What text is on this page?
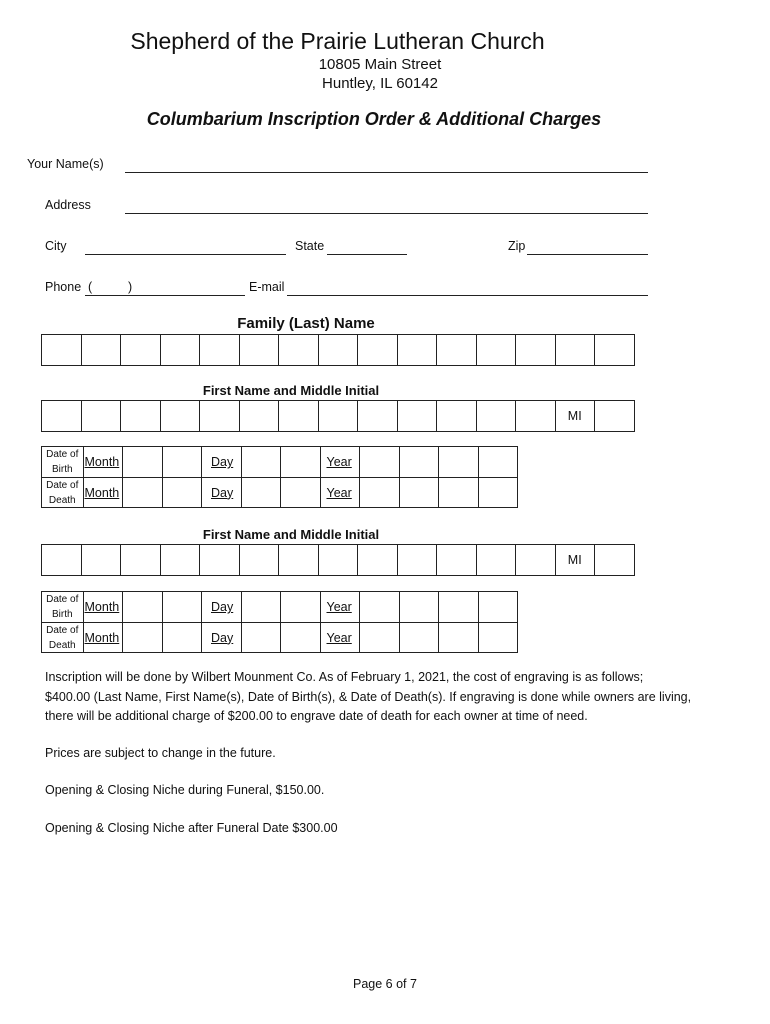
Shepherd of the Prairie Lutheran Church
10805 Main Street
Huntley, IL 60142
Columbarium Inscription Order & Additional Charges
Your Name(s)
Address
City	State	Zip
Phone (	)	E-mail
Family (Last) Name
First Name and Middle Initial
MI
Date of
Birth
Month	Day	Year
Date of
Death
Month	Day	Year
First Name and Middle Initial
MI
Date of
Birth
Month	Day	Year
Date of
Death
Month	Day	Year
Inscription will be done by Wilbert Mounment Co. As of February 1, 2021, the cost of engraving is as follows;
$400.00 (Last Name, First Name(s), Date of Birth(s), & Date of Death(s). If engraving is done while owners are living,
there will be additional charge of $200.00 to engrave date of death for each owner at time of need.
Prices are subject to change in the future.
Opening & Closing Niche during Funeral, $150.00.
Opening & Closing Niche after Funeral Date $300.00
Page 6 of 7
